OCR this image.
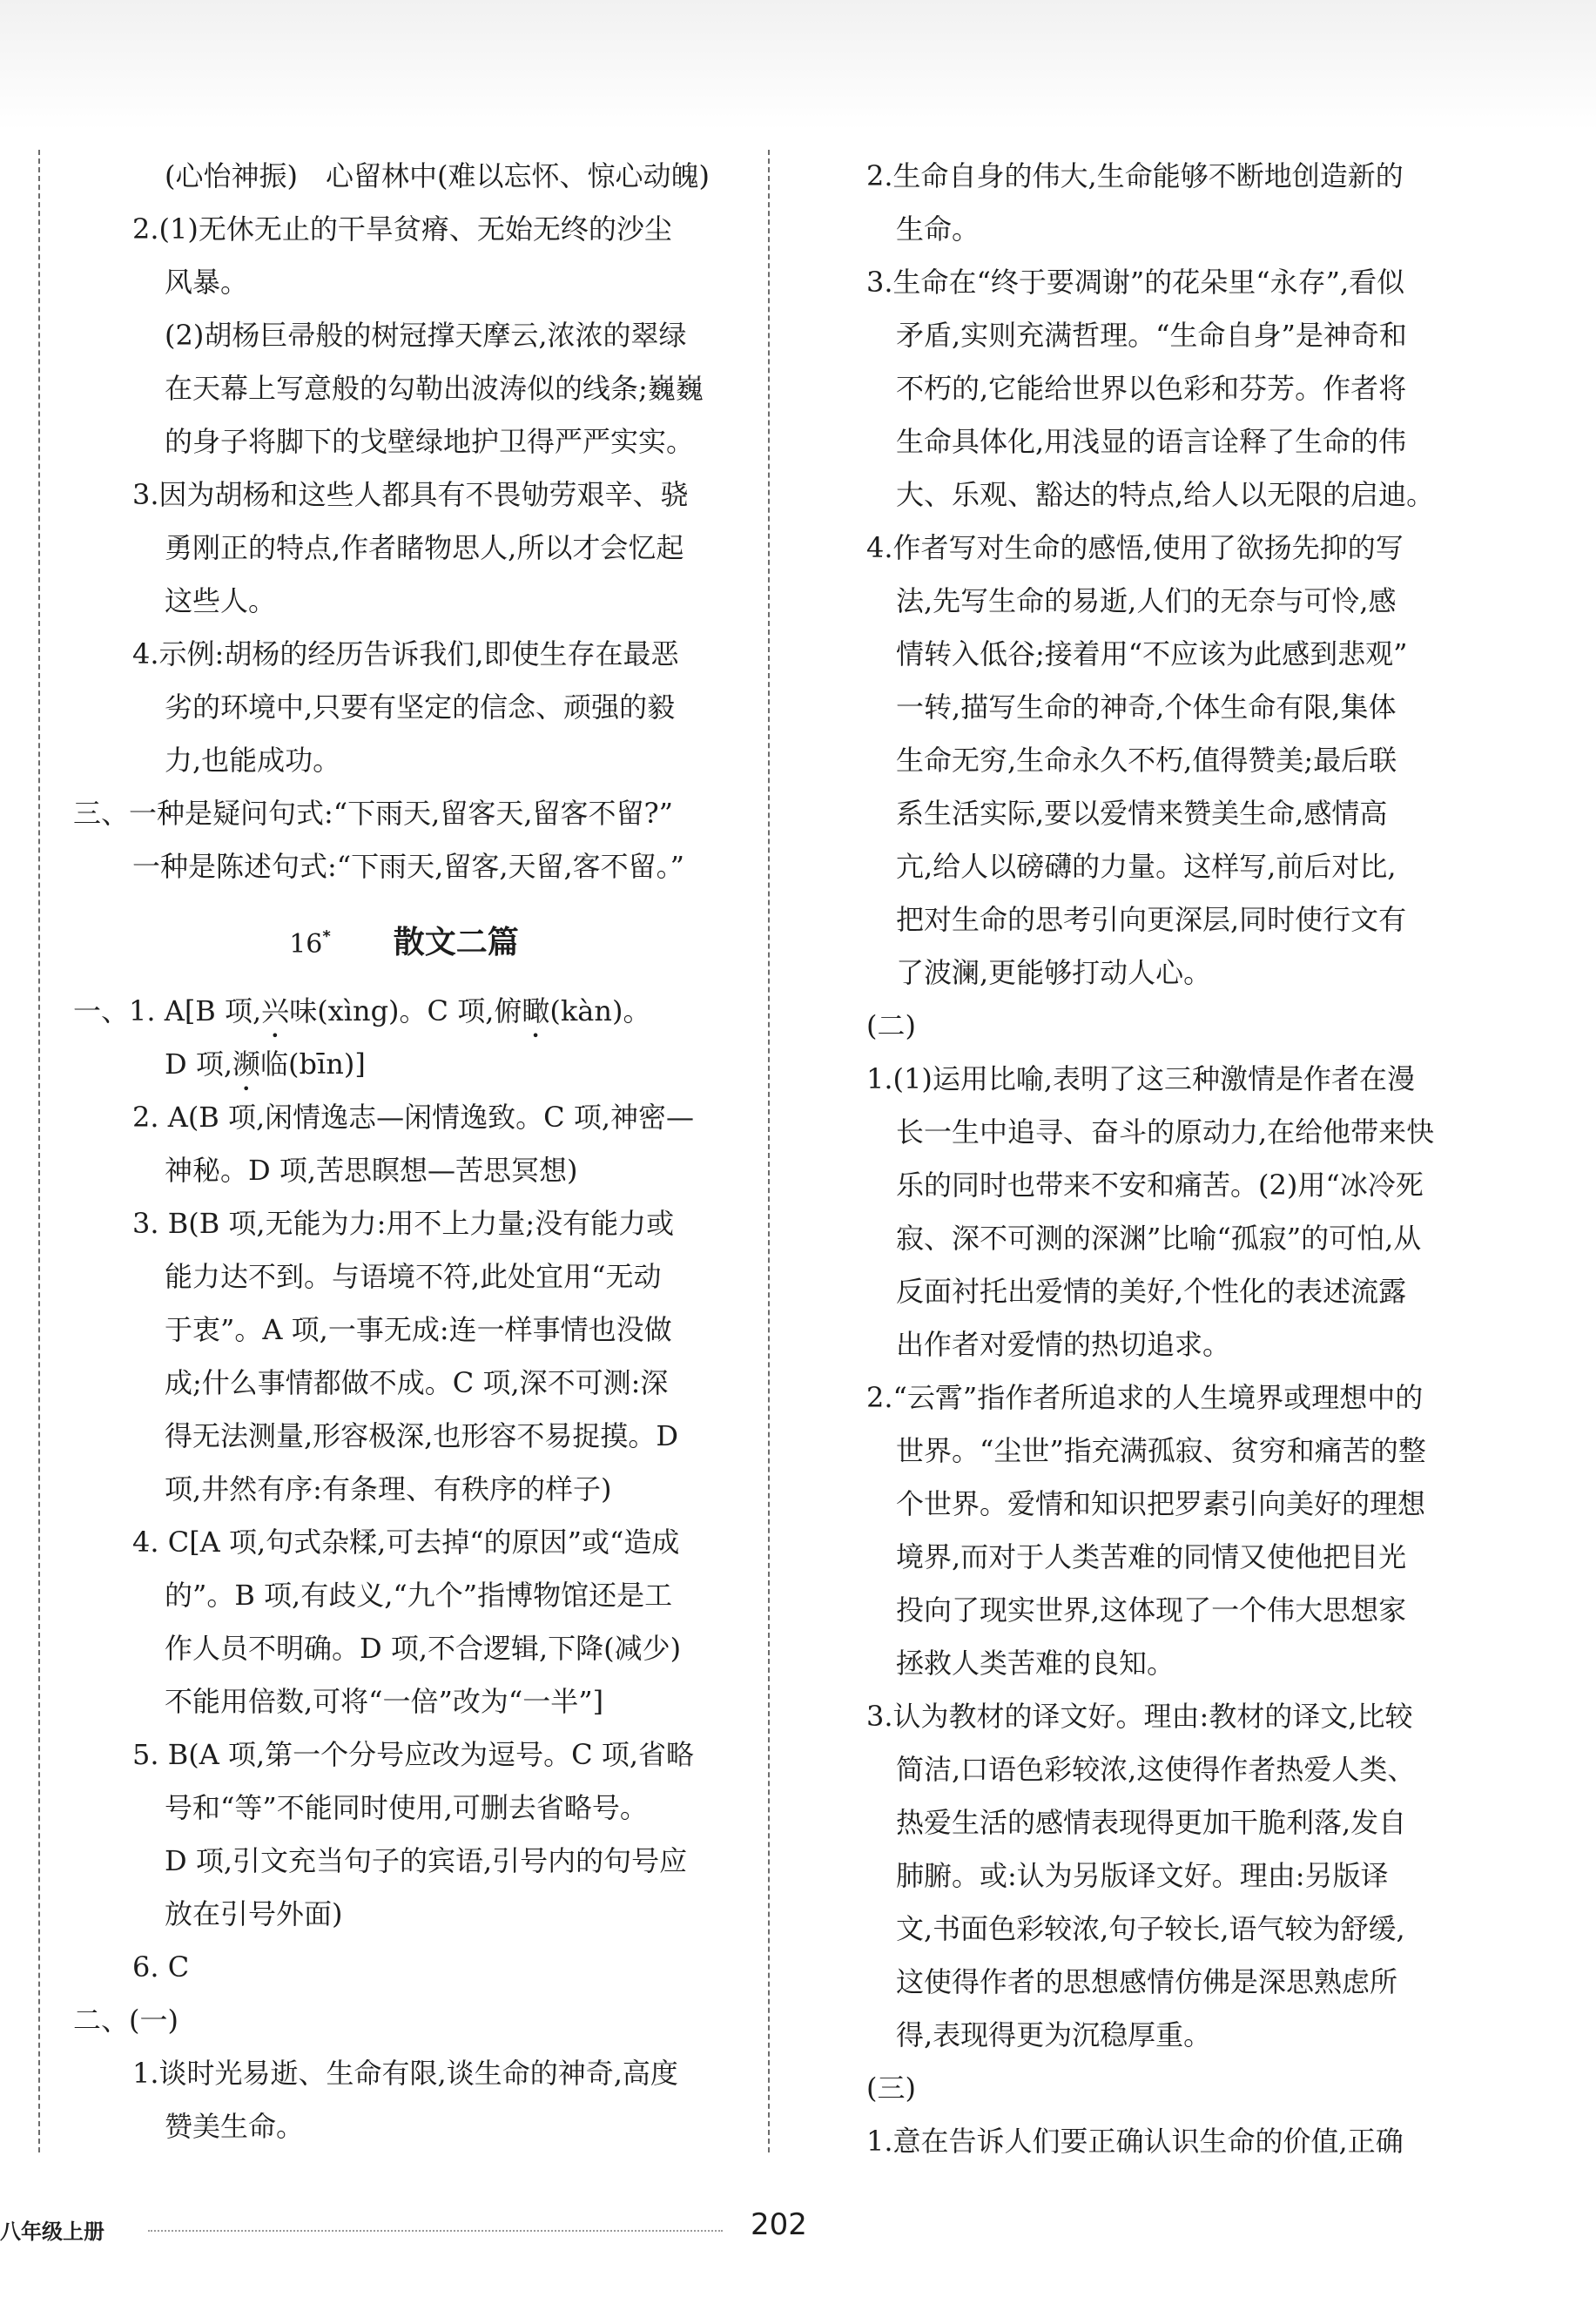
(心怡神振)　心留林中(难以忘怀、惊心动魄)
2.(1)无休无止的干旱贫瘠、无始无终的沙尘
风暴。
(2)胡杨巨帚般的树冠撑天摩云,浓浓的翠绿
在天幕上写意般的勾勒出波涛似的线条;巍巍
的身子将脚下的戈壁绿地护卫得严严实实。
3.因为胡杨和这些人都具有不畏劬劳艰辛、骁
勇刚正的特点,作者睹物思人,所以才会忆起
这些人。
4.示例:胡杨的经历告诉我们,即使生存在最恶
劣的环境中,只要有坚定的信念、顽强的毅
力,也能成功。
三、一种是疑问句式:“下雨天,留客天,留客不留?”
一种是陈述句式:“下雨天,留客,天留,客不留。”
16*   散文二篇
一、1. A[B 项,兴味(xìng)。C 项,俯瞰(kàn)。
D 项,濒临(bīn)]
2. A(B 项,闲情逸志—闲情逸致。C 项,神密—
神秘。D 项,苦思瞑想—苦思冥想)
3. B(B 项,无能为力:用不上力量;没有能力或
能力达不到。与语境不符,此处宜用“无动
于衷”。A 项,一事无成:连一样事情也没做
成;什么事情都做不成。C 项,深不可测:深
得无法测量,形容极深,也形容不易捉摸。D
项,井然有序:有条理、有秩序的样子)
4. C[A 项,句式杂糅,可去掉“的原因”或“造成
的”。B 项,有歧义,“九个”指博物馆还是工
作人员不明确。D 项,不合逻辑,下降(减少)
不能用倍数,可将“一倍”改为“一半”]
5. B(A 项,第一个分号应改为逗号。C 项,省略
号和“等”不能同时使用,可删去省略号。
D 项,引文充当句子的宾语,引号内的句号应
放在引号外面)
6. C
二、(一)
1.谈时光易逝、生命有限,谈生命的神奇,高度
赞美生命。
2.生命自身的伟大,生命能够不断地创造新的
生命。
3.生命在“终于要凋谢”的花朵里“永存”,看似
矛盾,实则充满哲理。“生命自身”是神奇和
不朽的,它能给世界以色彩和芬芳。作者将
生命具体化,用浅显的语言诠释了生命的伟
大、乐观、豁达的特点,给人以无限的启迪。
4.作者写对生命的感悟,使用了欲扬先抑的写
法,先写生命的易逝,人们的无奈与可怜,感
情转入低谷;接着用“不应该为此感到悲观”
一转,描写生命的神奇,个体生命有限,集体
生命无穷,生命永久不朽,值得赞美;最后联
系生活实际,要以爱情来赞美生命,感情高
亢,给人以磅礴的力量。这样写,前后对比,
把对生命的思考引向更深层,同时使行文有
了波澜,更能够打动人心。
(二)
1.(1)运用比喻,表明了这三种激情是作者在漫
长一生中追寻、奋斗的原动力,在给他带来快
乐的同时也带来不安和痛苦。(2)用“冰冷死
寂、深不可测的深渊”比喻“孤寂”的可怕,从
反面衬托出爱情的美好,个性化的表述流露
出作者对爱情的热切追求。
2.“云霄”指作者所追求的人生境界或理想中的
世界。“尘世”指充满孤寂、贫穷和痛苦的整
个世界。爱情和知识把罗素引向美好的理想
境界,而对于人类苦难的同情又使他把目光
投向了现实世界,这体现了一个伟大思想家
拯救人类苦难的良知。
3.认为教材的译文好。理由:教材的译文,比较
简洁,口语色彩较浓,这使得作者热爱人类、
热爱生活的感情表现得更加干脆利落,发自
肺腑。或:认为另版译文好。理由:另版译
文,书面色彩较浓,句子较长,语气较为舒缓,
这使得作者的思想感情仿佛是深思熟虑所
得,表现得更为沉稳厚重。
(三)
1.意在告诉人们要正确认识生命的价值,正确
八年级上册	202
